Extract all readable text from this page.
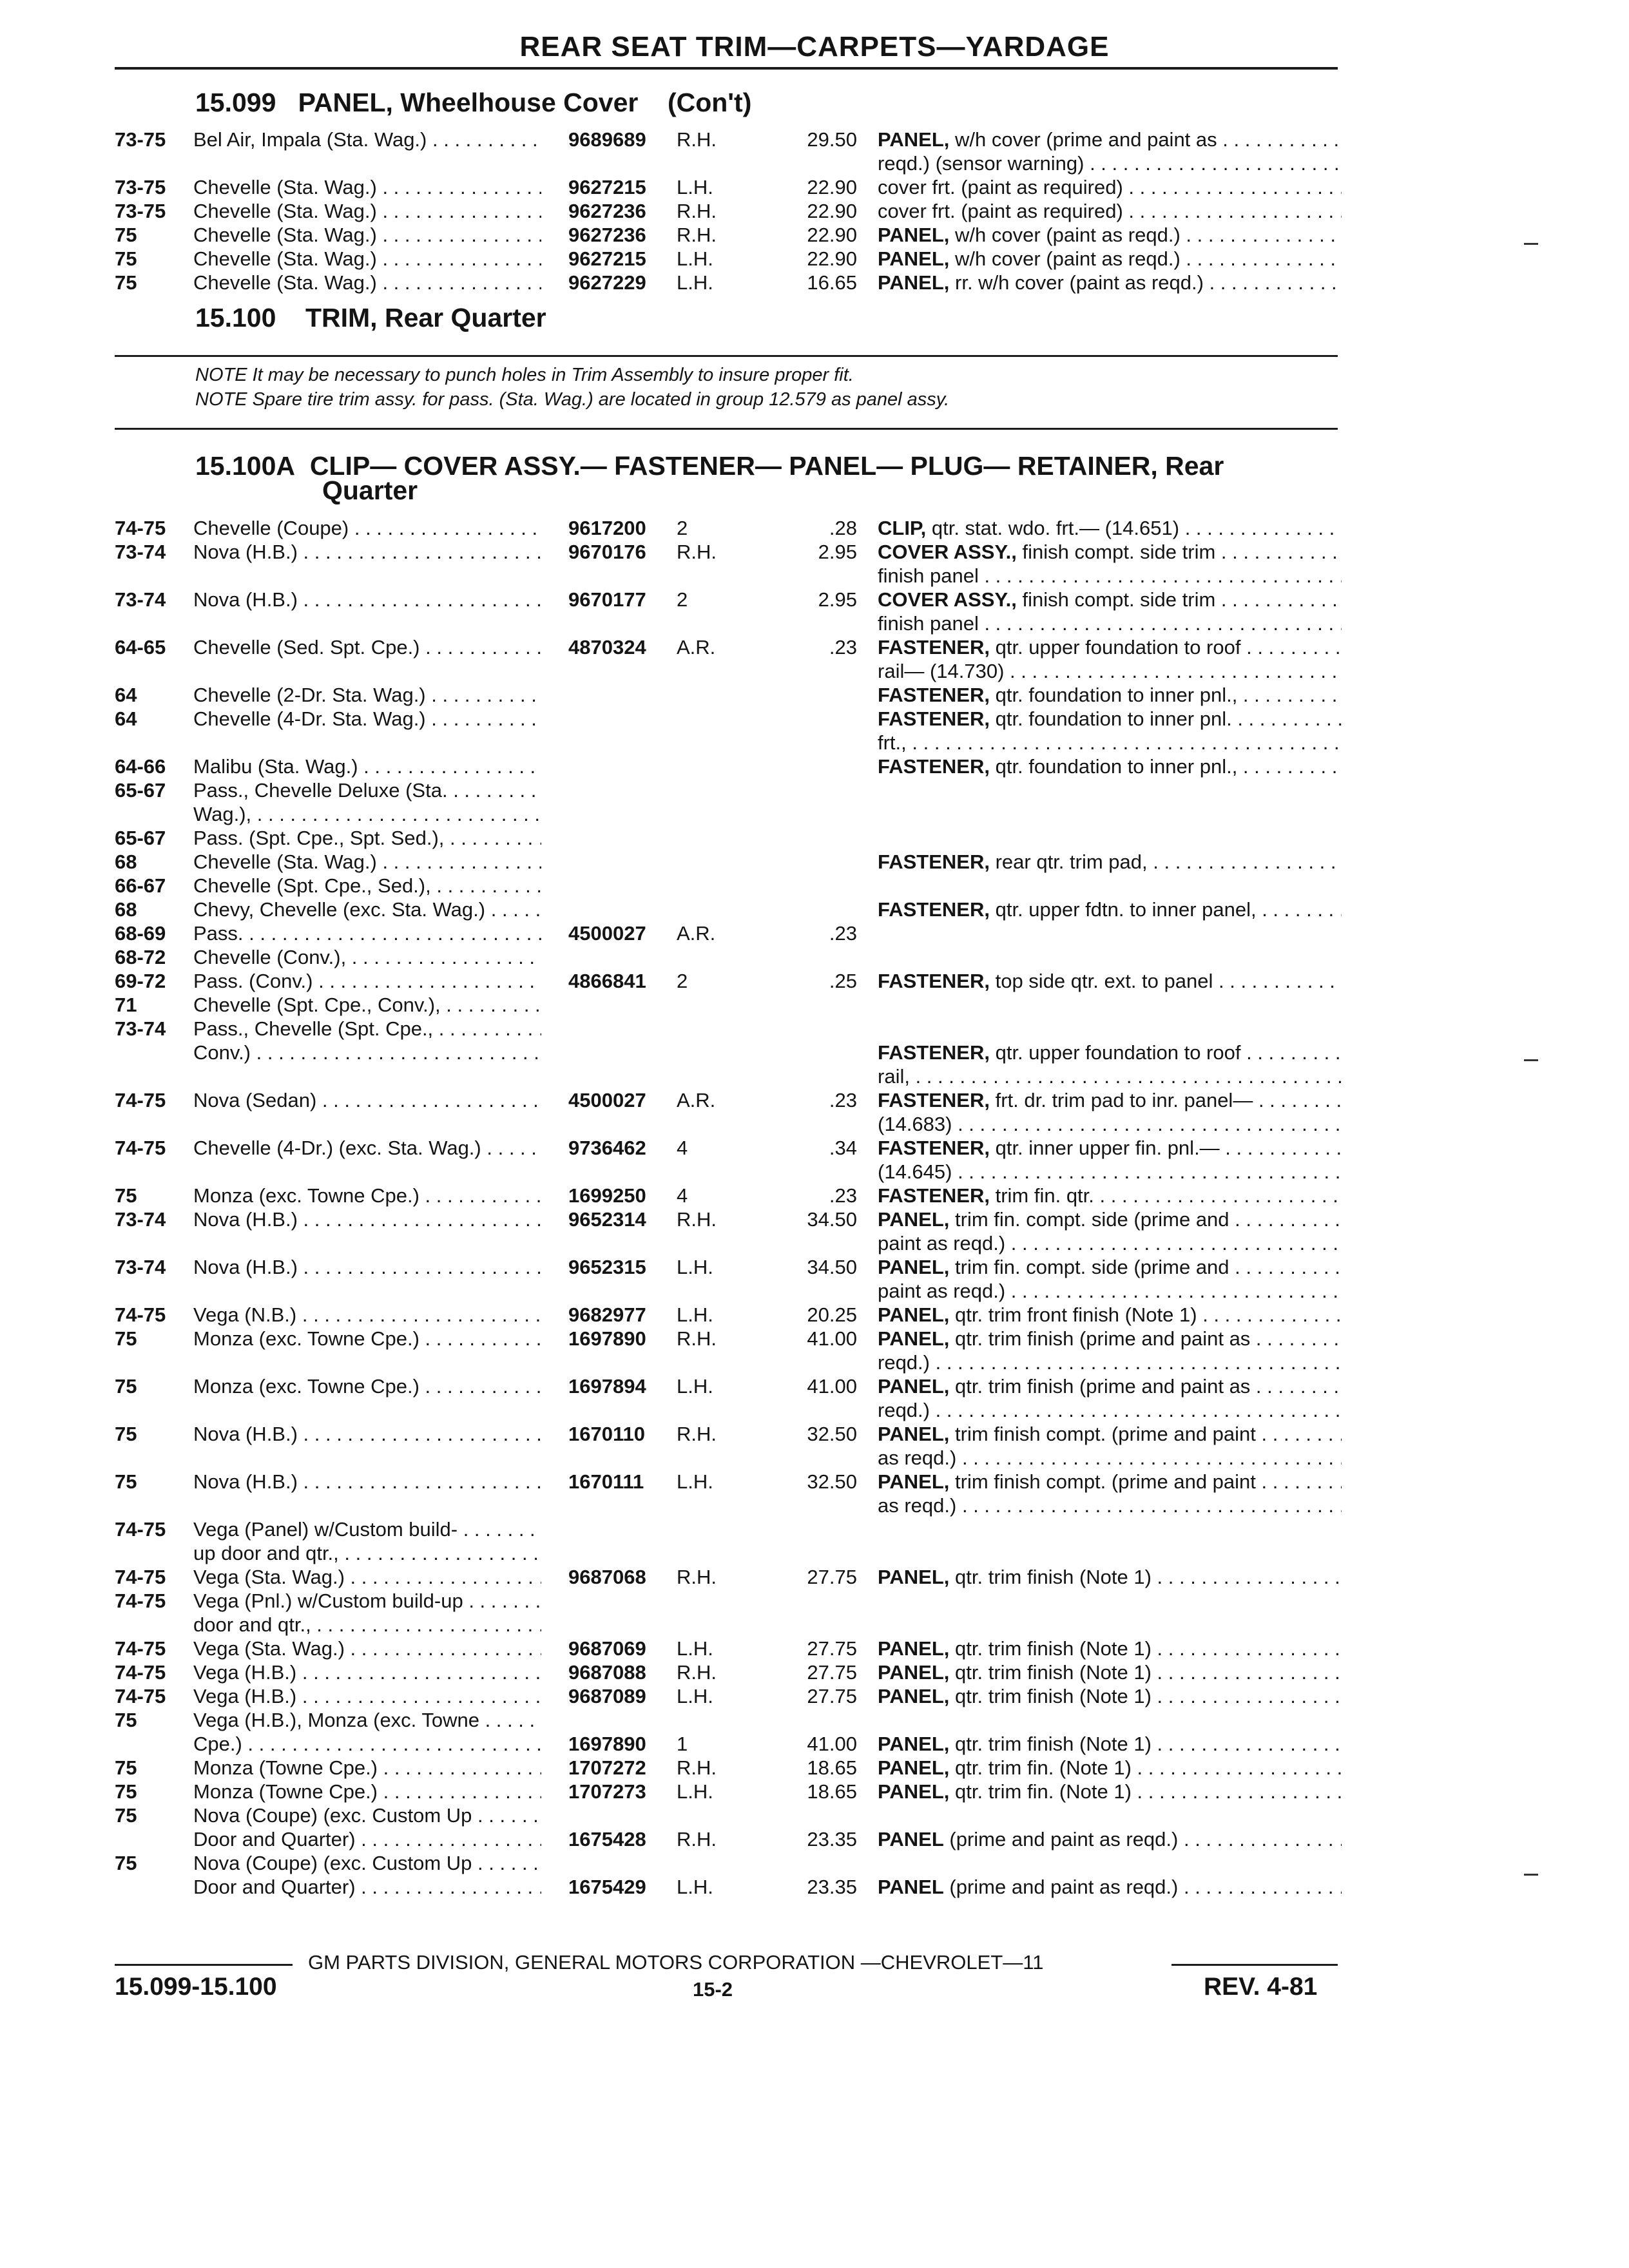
REAR SEAT TRIM—CARPETS—YARDAGE
15.099 PANEL, Wheelhouse Cover (Con't)
73-75 Bel Air, Impala (Sta. Wag.) . . .	9689689 R.H.	29.50 PANEL, w/h cover (prime and paint as . . .
reqd.) (sensor warning) . . .
73-75 Chevelle (Sta. Wag.) . . .	9627215 L.H.	22.90 cover frt. (paint as required) . . .
73-75 Chevelle (Sta. Wag.) . . .	9627236 R.H.	22.90 cover frt. (paint as required) . . .
75	Chevelle (Sta. Wag.) . . .	9627236 R.H.	22.90 PANEL, w/h cover (paint as reqd.) . . .
75	Chevelle (Sta. Wag.) . . .	9627215 L.H.	22.90 PANEL, w/h cover (paint as reqd.) . . .
75	Chevelle (Sta. Wag.) . . .	9627229 L.H.	16.65 PANEL, rr. w/h cover (paint as reqd.) . . .
15.100 TRIM, Rear Quarter
NOTE It may be necessary to punch holes in Trim Assembly to insure proper fit.
NOTE Spare tire trim assy. for pass. (Sta. Wag.) are located in group 12.579 as panel assy.
15.100A CLIP— COVER ASSY.— FASTENER— PANEL— PLUG— RETAINER, Rear
Quarter
74-75 Chevelle (Coupe) . . .	9617200 2	.28 CLIP, qtr. stat. wdo. frt.— (14.651) . . .
73-74 Nova (H.B.) . . .	9670176 R.H.	2.95 COVER ASSY., finish compt. side trim . . .
finish panel . . .
73-74 Nova (H.B.) . . .	9670177 2	2.95 COVER ASSY., finish compt. side trim . . .
finish panel . . .
64-65 Chevelle (Sed. Spt. Cpe.) . . .	4870324 A.R.	.23 FASTENER, qtr. upper foundation to roof . . .
rail— (14.730) . . .
64	Chevelle (2-Dr. Sta. Wag.) . . .	FASTENER, qtr. foundation to inner pnl., . . . . .
64	Chevelle (4-Dr. Sta. Wag.) . . .	FASTENER, qtr. foundation to inner pnl. . . .
frt., . . .
64-66 Malibu (Sta. Wag.) . . .	FASTENER, qtr. foundation to inner pnl., . . . . .
65-67 Pass., Chevelle Deluxe (Sta. . . .
Wag.), . . .
65-67 Pass. (Spt. Cpe., Spt. Sed.), . . .
68	Chevelle (Sta. Wag.) . . .	FASTENER, rear qtr. trim pad, . . .
66-67 Chevelle (Spt. Cpe., Sed.), . . .
68	Chevy, Chevelle (exc. Sta. Wag.) . . .	FASTENER, qtr. upper fdtn. to inner panel, . . .
68-69 Pass. . . .	4500027 A.R.	.23
68-72 Chevelle (Conv.), . . .
69-72 Pass. (Conv.) . . .	4866841 2	.25 FASTENER, top side qtr. ext. to panel . . .
71	Chevelle (Spt. Cpe., Conv.), . . .
73-74 Pass., Chevelle (Spt. Cpe., . . .
Conv.) . . .	FASTENER, qtr. upper foundation to roof . . .
rail, . . .
74-75 Nova (Sedan) . . .	4500027 A.R.	.23 FASTENER, frt. dr. trim pad to inr. panel— . . .
(14.683) . . .
74-75 Chevelle (4-Dr.) (exc. Sta. Wag.) . . .	9736462 4	.34 FASTENER, qtr. inner upper fin. pnl.— . . .
(14.645) . . .
75	Monza (exc. Towne Cpe.) . . .	1699250 4	.23 FASTENER, trim fin. qtr. . . .
73-74 Nova (H.B.) . . .	9652314 R.H.	34.50 PANEL, trim fin. compt. side (prime and . . .
paint as reqd.) . . .
73-74 Nova (H.B.) . . .	9652315 L.H.	34.50 PANEL, trim fin. compt. side (prime and . . .
paint as reqd.) . . .
74-75 Vega (N.B.) . . .	9682977 L.H.	20.25 PANEL, qtr. trim front finish (Note 1) . . .
75	Monza (exc. Towne Cpe.) . . .	1697890 R.H.	41.00 PANEL, qtr. trim finish (prime and paint as . . .
reqd.) . . .
75	Monza (exc. Towne Cpe.) . . .	1697894 L.H.	41.00 PANEL, qtr. trim finish (prime and paint as . . .
reqd.) . . .
75	Nova (H.B.) . . .	1670110 R.H.	32.50 PANEL, trim finish compt. (prime and paint . . .
as reqd.) . . .
75	Nova (H.B.) . . .	1670111 L.H.	32.50 PANEL, trim finish compt. (prime and paint . . .
as reqd.) . . .
74-75 Vega (Panel) w/Custom build- . . .
up door and qtr., . . .
74-75 Vega (Sta. Wag.) . . .	9687068 R.H.	27.75 PANEL, qtr. trim finish (Note 1) . . .
74-75 Vega (Pnl.) w/Custom build-up . . .
door and qtr., . . .
74-75 Vega (Sta. Wag.) . . .	9687069 L.H.	27.75 PANEL, qtr. trim finish (Note 1) . . .
74-75 Vega (H.B.) . . .	9687088 R.H.	27.75 PANEL, qtr. trim finish (Note 1) . . .
74-75 Vega (H.B.) . . .	9687089 L.H.	27.75 PANEL, qtr. trim finish (Note 1) . . .
75	Vega (H.B.), Monza (exc. Towne . . .
Cpe.) . . .	1697890 1	41.00 PANEL, qtr. trim finish (Note 1) . . .
75	Monza (Towne Cpe.) . . .	1707272 R.H.	18.65 PANEL, qtr. trim fin. (Note 1) . . .
75	Monza (Towne Cpe.) . . .	1707273 L.H.	18.65 PANEL, qtr. trim fin. (Note 1) . . .
75	Nova (Coupe) (exc. Custom Up . . .
Door and Quarter) . . .	1675428 R.H.	23.35 PANEL (prime and paint as reqd.) . . .
75	Nova (Coupe) (exc. Custom Up . . .
Door and Quarter) . . .	1675429 L.H.	23.35 PANEL (prime and paint as reqd.) . . .
GM PARTS DIVISION, GENERAL MOTORS CORPORATION —CHEVROLET—11
15.099-15.100	15-2	REV. 4-81
